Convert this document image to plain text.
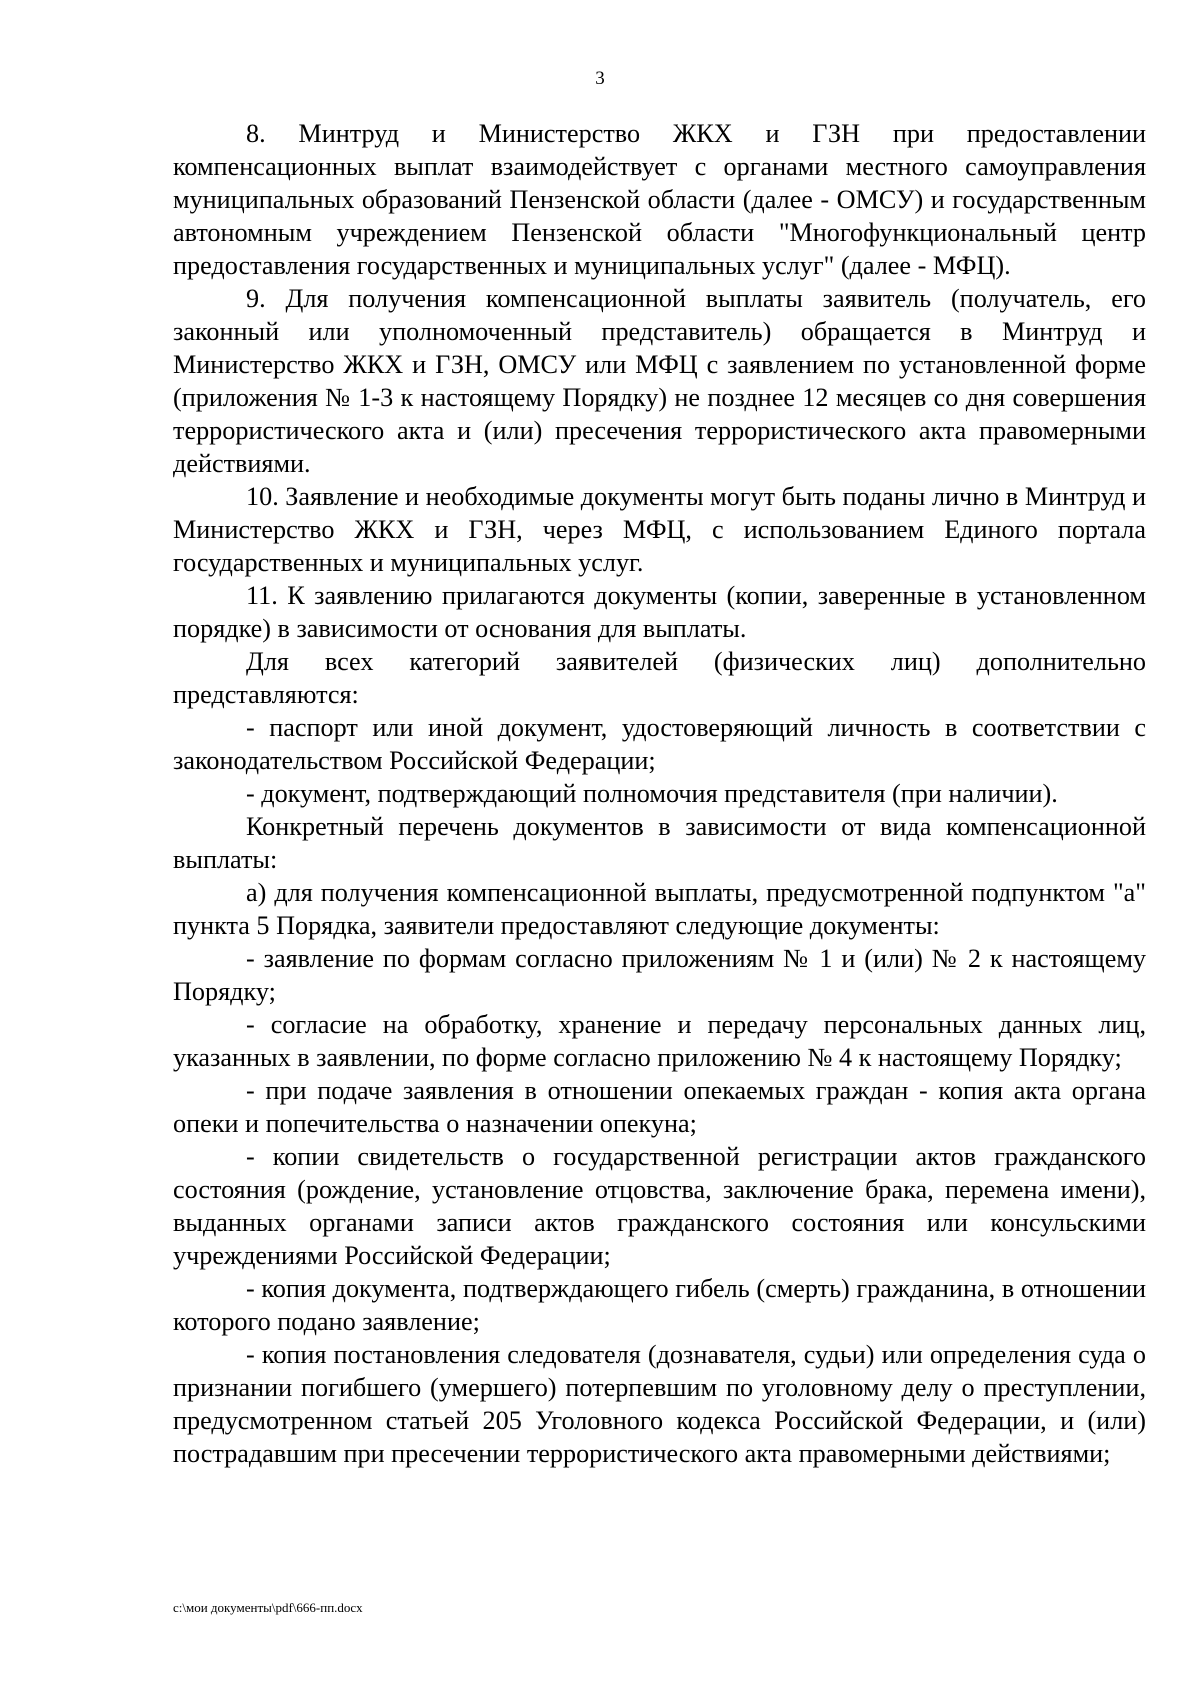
3

8. Минтруд и Министерство ЖКХ и ГЗН при предоставлении компенсационных выплат взаимодействует с органами местного самоуправления муниципальных образований Пензенской области (далее - ОМСУ) и государственным автономным учреждением Пензенской области "Многофункциональный центр предоставления государственных и муниципальных услуг" (далее - МФЦ).

9. Для получения компенсационной выплаты заявитель (получатель, его законный или уполномоченный представитель) обращается в Минтруд и Министерство ЖКХ и ГЗН, ОМСУ или МФЦ с заявлением по установленной форме (приложения № 1-3 к настоящему Порядку) не позднее 12 месяцев со дня совершения террористического акта и (или) пресечения террористического акта правомерными действиями.

10. Заявление и необходимые документы могут быть поданы лично в Минтруд и Министерство ЖКХ и ГЗН, через МФЦ, с использованием Единого портала государственных и муниципальных услуг.

11. К заявлению прилагаются документы (копии, заверенные в установленном порядке) в зависимости от основания для выплаты.

Для всех категорий заявителей (физических лиц) дополнительно представляются:

- паспорт или иной документ, удостоверяющий личность в соответствии с законодательством Российской Федерации;

- документ, подтверждающий полномочия представителя (при наличии).

Конкретный перечень документов в зависимости от вида компенсационной выплаты:

а) для получения компенсационной выплаты, предусмотренной подпунктом "а" пункта 5 Порядка, заявители предоставляют следующие документы:

- заявление по формам согласно приложениям № 1 и (или) № 2 к настоящему Порядку;

- согласие на обработку, хранение и передачу персональных данных лиц, указанных в заявлении, по форме согласно приложению № 4 к настоящему Порядку;

- при подаче заявления в отношении опекаемых граждан - копия акта органа опеки и попечительства о назначении опекуна;

- копии свидетельств о государственной регистрации актов гражданского состояния (рождение, установление отцовства, заключение брака, перемена имени), выданных органами записи актов гражданского состояния или консульскими учреждениями Российской Федерации;

- копия документа, подтверждающего гибель (смерть) гражданина, в отношении которого подано заявление;

- копия постановления следователя (дознавателя, судьи) или определения суда о признании погибшего (умершего) потерпевшим по уголовному делу о преступлении, предусмотренном статьей 205 Уголовного кодекса Российской Федерации, и (или) пострадавшим при пресечении террористического акта правомерными действиями;

c:\мои документы\pdf\666-пп.docx
